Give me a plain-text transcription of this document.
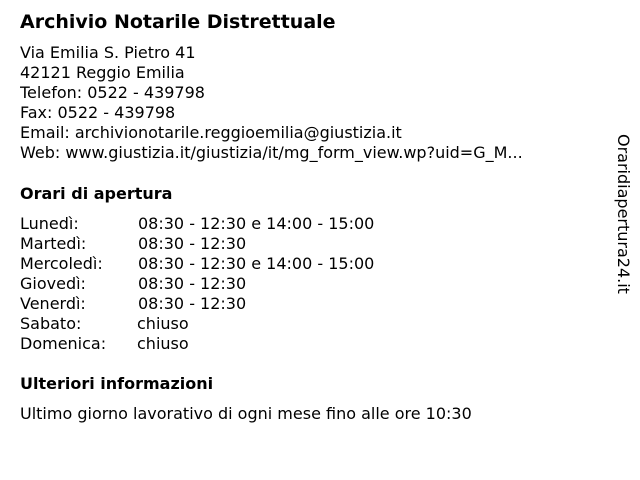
Archivio Notarile Distrettuale
Via Emilia S. Pietro 41
42121 Reggio Emilia
Telefon: 0522 - 439798
Fax: 0522 - 439798
Email: archivionotarile.reggioemilia@giustizia.it
Web: www.giustizia.it/giustizia/it/mg_form_view.wp?uid=G_M...
Orari di apertura
Lunedì:	08:30 - 12:30 e 14:00 - 15:00
Martedì:	08:30 - 12:30
Mercoledì: 08:30 - 12:30 e 14:00 - 15:00
Giovedì:	08:30 - 12:30
Venerdì:	08:30 - 12:30
Sabato:	chiuso
Domenica: chiuso
Ulteriori informazioni
Ultimo giorno lavorativo di ogni mese fino alle ore 10:30
Oraridiapertura24.it
